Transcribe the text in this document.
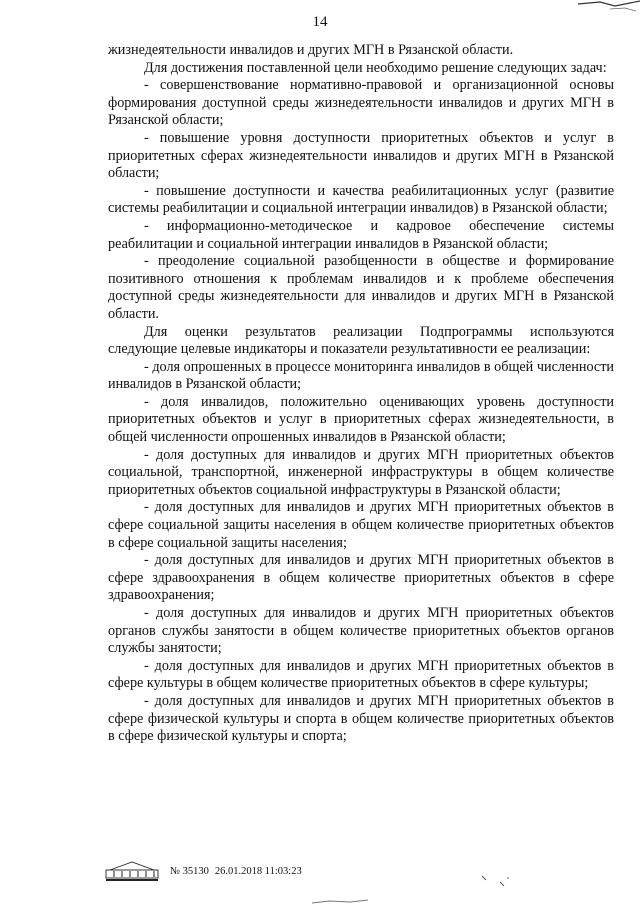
14

жизнедеятельности инвалидов и других МГН в Рязанской области.

Для достижения поставленной цели необходимо решение следующих задач:

- совершенствование нормативно-правовой и организационной основы формирования доступной среды жизнедеятельности инвалидов и других МГН в Рязанской области;

- повышение уровня доступности приоритетных объектов и услуг в приоритетных сферах жизнедеятельности инвалидов и других МГН в Рязанской области;

- повышение доступности и качества реабилитационных услуг (развитие системы реабилитации и социальной интеграции инвалидов) в Рязанской области;

- информационно-методическое и кадровое обеспечение системы реабилитации и социальной интеграции инвалидов в Рязанской области;

- преодоление социальной разобщенности в обществе и формирование позитивного отношения к проблемам инвалидов и к проблеме обеспечения доступной среды жизнедеятельности для инвалидов и других МГН в Рязанской области.

Для оценки результатов реализации Подпрограммы используются следующие целевые индикаторы и показатели результативности ее реализации:

- доля опрошенных в процессе мониторинга инвалидов в общей численности инвалидов в Рязанской области;

- доля инвалидов, положительно оценивающих уровень доступности приоритетных объектов и услуг в приоритетных сферах жизнедеятельности, в общей численности опрошенных инвалидов в Рязанской области;

- доля доступных для инвалидов и других МГН приоритетных объектов социальной, транспортной, инженерной инфраструктуры в общем количестве приоритетных объектов социальной инфраструктуры в Рязанской области;

- доля доступных для инвалидов и других МГН приоритетных объектов в сфере социальной защиты населения в общем количестве приоритетных объектов в сфере социальной защиты населения;

- доля доступных для инвалидов и других МГН приоритетных объектов в сфере здравоохранения в общем количестве приоритетных объектов в сфере здравоохранения;

- доля доступных для инвалидов и других МГН приоритетных объектов органов службы занятости в общем количестве приоритетных объектов органов службы занятости;

- доля доступных для инвалидов и других МГН приоритетных объектов в сфере культуры в общем количестве приоритетных объектов в сфере культуры;

- доля доступных для инвалидов и других МГН приоритетных объектов в сфере физической культуры и спорта в общем количестве приоритетных объектов в сфере физической культуры и спорта;

№ 35130 26.01.2018 11:03:23
